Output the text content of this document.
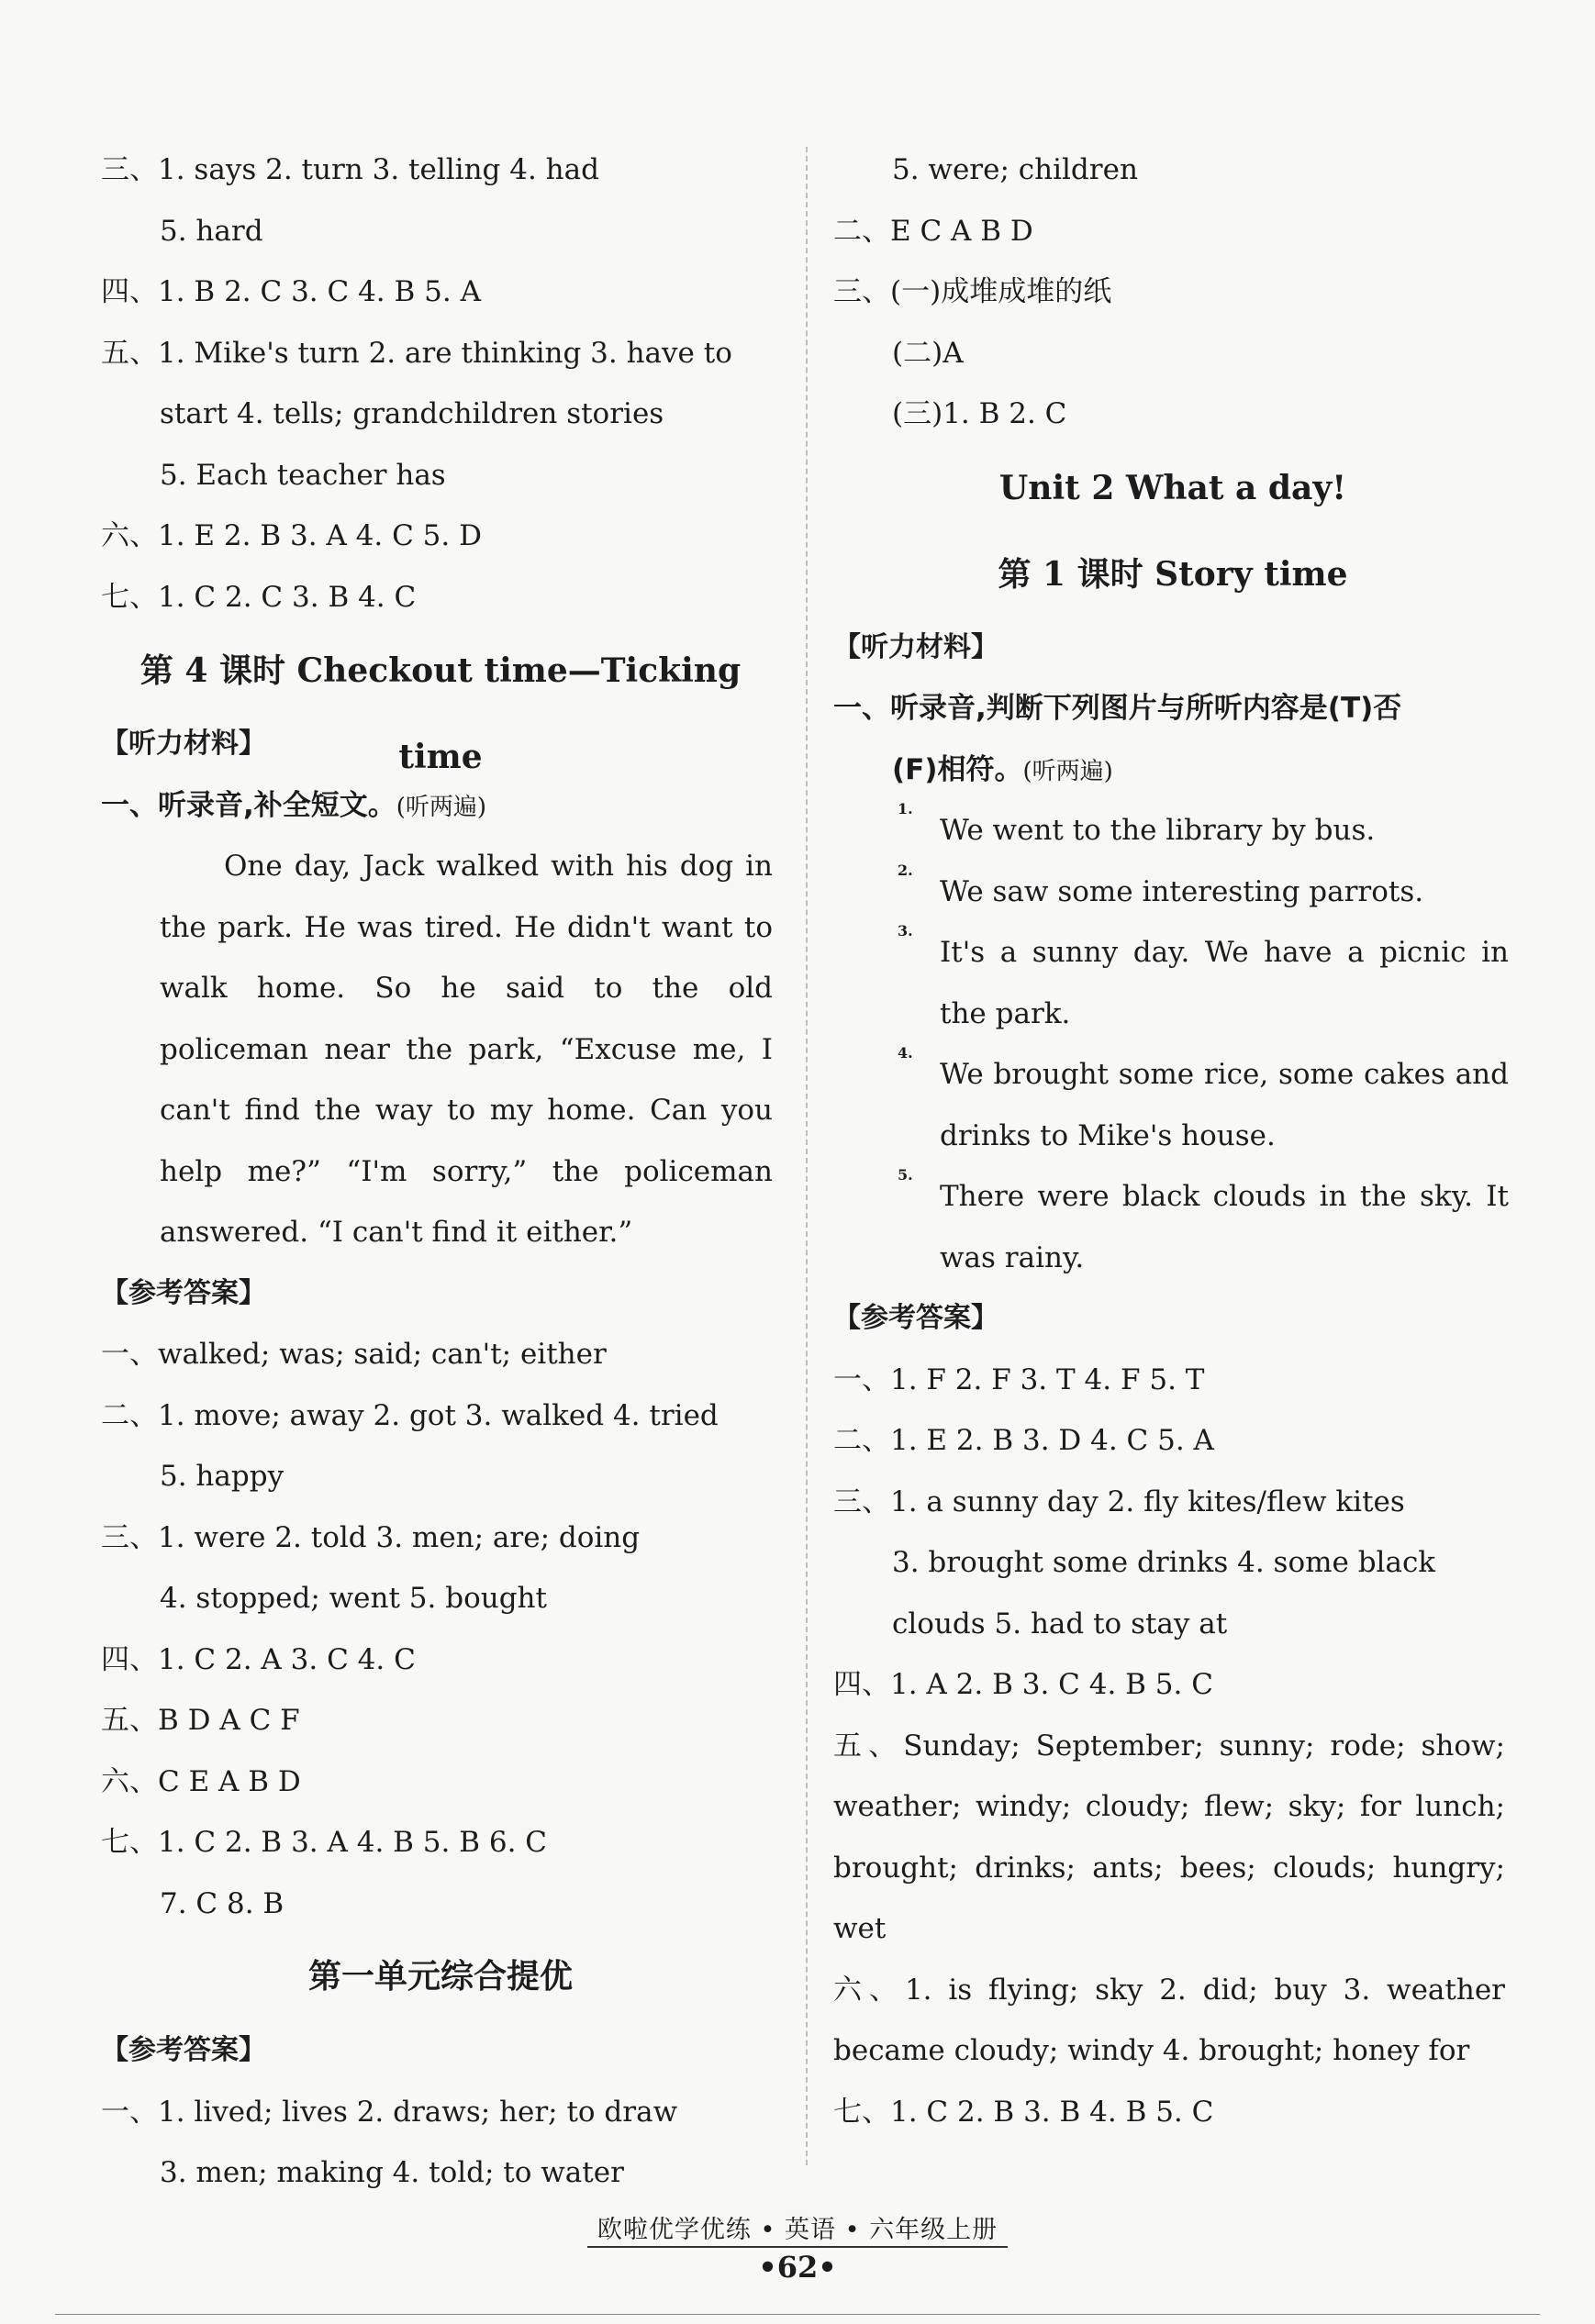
三、1. says 2. turn 3. telling 4. had
5. hard
四、1. B 2. C 3. C 4. B 5. A
五、1. Mike's turn 2. are thinking 3. have to
start 4. tells; grandchildren stories
5. Each teacher has
六、1. E 2. B 3. A 4. C 5. D
七、1. C 2. C 3. B 4. C
第 4 课时 Checkout time—Ticking time
【听力材料】
一、听录音,补全短文。(听两遍)
One day, Jack walked with his dog in the park. He was tired. He didn't want to walk home. So he said to the old policeman near the park, “Excuse me, I can't find the way to my home. Can you help me?” “I'm sorry,” the policeman answered. “I can't find it either.”
【参考答案】
一、walked; was; said; can't; either
二、1. move; away 2. got 3. walked 4. tried
5. happy
三、1. were 2. told 3. men; are; doing
4. stopped; went 5. bought
四、1. C 2. A 3. C 4. C
五、B D A C F
六、C E A B D
七、1. C 2. B 3. A 4. B 5. B 6. C
7. C 8. B
第一单元综合提优
【参考答案】
一、1. lived; lives 2. draws; her; to draw
3. men; making 4. told; to water
5. were; children
二、E C A B D
三、(一)成堆成堆的纸
(二)A
(三)1. B 2. C
Unit 2 What a day!
第 1 课时 Story time
【听力材料】
一、听录音,判断下列图片与所听内容是(T)否
(F)相符。(听两遍)
1.
We went to the library by bus.
2.
We saw some interesting parrots.
3.
It's a sunny day. We have a picnic in the park.
4.
We brought some rice, some cakes and drinks to Mike's house.
5.
There were black clouds in the sky. It was rainy.
【参考答案】
一、1. F 2. F 3. T 4. F 5. T
二、1. E 2. B 3. D 4. C 5. A
三、1. a sunny day 2. fly kites/flew kites
3. brought some drinks 4. some black
clouds 5. had to stay at
四、1. A 2. B 3. C 4. B 5. C
五、Sunday; September; sunny; rode; show; weather; windy; cloudy; flew; sky; for lunch; brought; drinks; ants; bees; clouds; hungry; wet
六、1. is flying; sky 2. did; buy 3. weather became cloudy; windy 4. brought; honey for
七、1. C 2. B 3. B 4. B 5. C
欧啦优学优练 • 英语 • 六年级上册
•62•
